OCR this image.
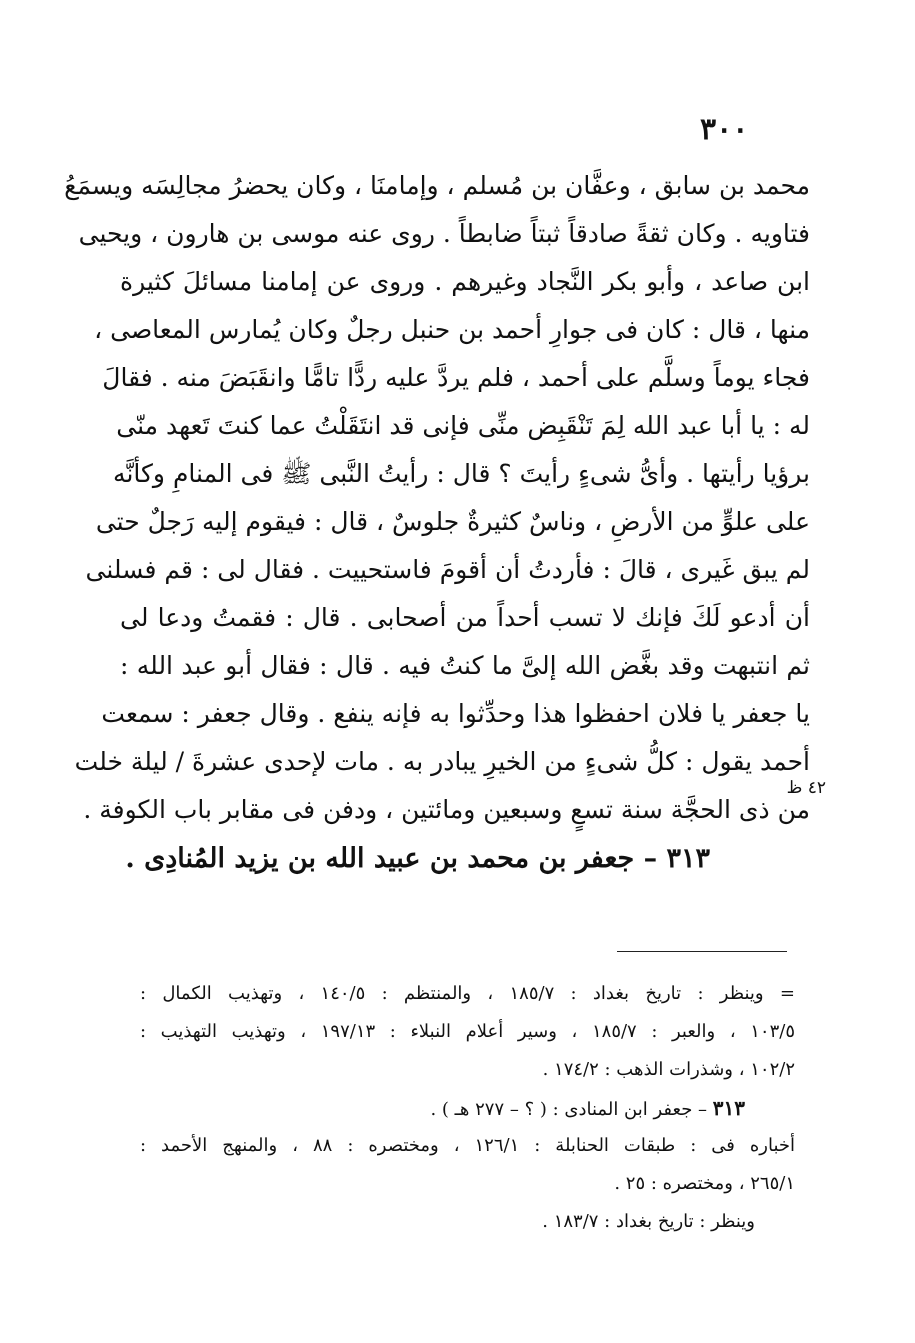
٣٠٠
محمد بن سابق ، وعفَّان بن مُسلم ، وإمامنَا ، وكان يحضرُ مجالِسَه ويسمَعُ
فتاويه . وكان ثقةً صادقاً ثبتاً ضابطاً . روى عنه موسى بن هارون ، ويحيى
ابن صاعد ، وأبو بكر النَّجاد وغيرهم . وروى عن إمامنا مسائلَ كثيرة
منها ، قال : كان فى جوارِ أحمد بن حنبل رجلٌ وكان يُمارس المعاصى ،
فجاء يوماً وسلَّم على أحمد ، فلم يردَّ عليه ردًّا تامًّا وانقَبَضَ منه . فقالَ
له : يا أبا عبد الله لِمَ تَنْقَبِض منِّى فإنى قد انتَقَلْتُ عما كنتَ تَعهد منّى
برؤيا رأيتها . وأىُّ شىءٍ رأيتَ ؟ قال : رأيتُ النَّبى ﷺ فى المنامِ وكأنَّه
على علوٍّ من الأرضِ ، وناسٌ كثيرةٌ جلوسٌ ، قال : فيقوم إليه رَجلٌ حتى
لم يبق غَيرى ، قالَ : فأردتُ أن أقومَ فاستحييت . فقال لى : قم فسلنى
أن أدعو لَكَ فإنك لا تسب أحداً من أصحابى . قال : فقمتُ ودعا لى
ثم انتبهت وقد بغَّض الله إلىَّ ما كنتُ فيه . قال : فقال أبو عبد الله :
يا جعفر يا فلان احفظوا هذا وحدِّثوا به فإنه ينفع . وقال جعفر : سمعت
أحمد يقول : كلُّ شىءٍ من الخيرِ يبادر به . مات لإحدى عشرةَ / ليلة خلت
من ذى الحجَّة سنة تسعٍ وسبعين ومائتين ، ودفن فى مقابر باب الكوفة .
٣١٣ – جعفر بن محمد بن عبيد الله بن يزيد المُنادِى .
٤٢ ظ
= وينظر : تاريخ بغداد : ١٨٥/٧ ، والمنتظم : ١٤٠/٥ ، وتهذيب الكمال :
١٠٣/٥ ، والعبر : ١٨٥/٧ ، وسير أعلام النبلاء : ١٩٧/١٣ ، وتهذيب التهذيب :
١٠٢/٢ ، وشذرات الذهب : ١٧٤/٢ .
٣١٣ – جعفر ابن المنادى : ( ؟ – ٢٧٧ هـ ) .
أخباره فى : طبقات الحنابلة : ١٢٦/١ ، ومختصره : ٨٨ ، والمنهج الأحمد :
٢٦٥/١ ، ومختصره : ٢٥ .
وينظر : تاريخ بغداد : ١٨٣/٧ .
